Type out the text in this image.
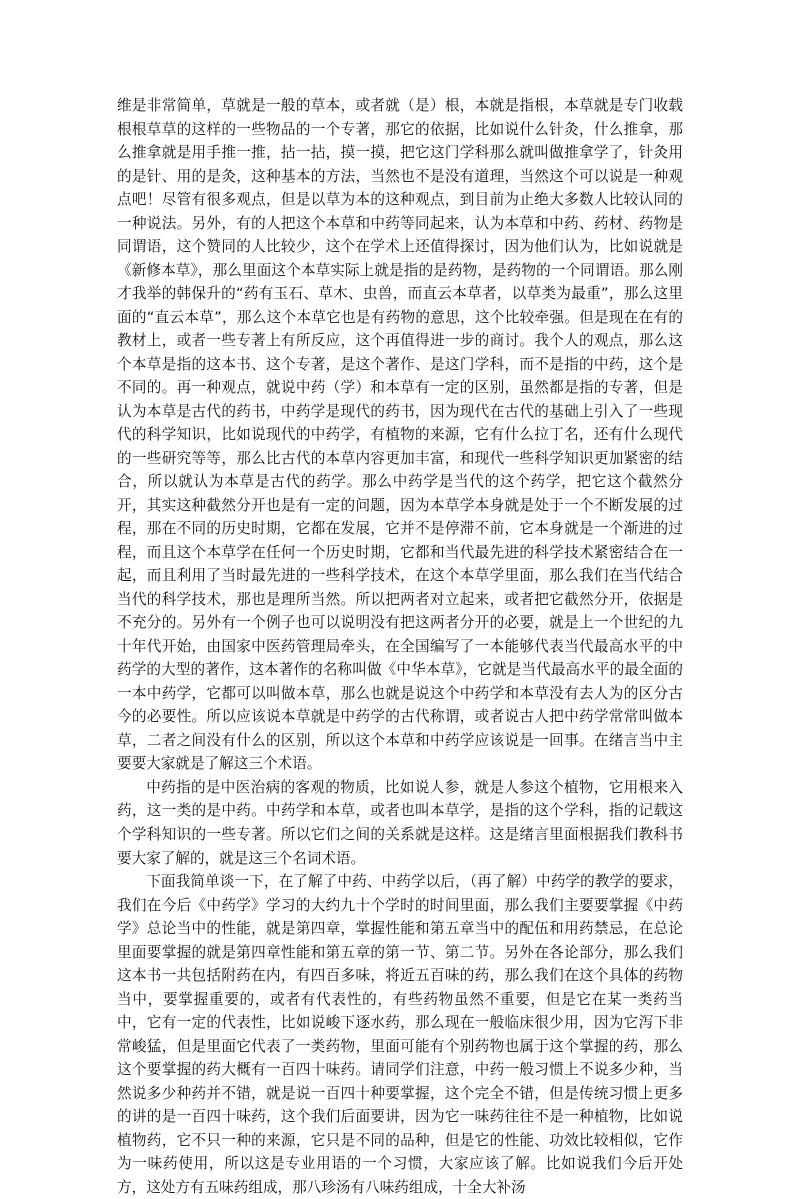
维是非常简单，草就是一般的草本，或者就（是）根，本就是指根，本草就是专门收载根根草草的这样的一些物品的一个专著，那它的依据，比如说什么针灸，什么推拿，那么推拿就是用手推一推，拈一拈，摸一摸，把它这门学科那么就叫做推拿学了，针灸用的是针、用的是灸，这种基本的方法，当然也不是没有道理，当然这个可以说是一种观点吧！尽管有很多观点，但是以草为本的这种观点，到目前为止绝大多数人比较认同的一种说法。另外，有的人把这个本草和中药等同起来，认为本草和中药、药材、药物是同谓语，这个赞同的人比较少，这个在学术上还值得探讨，因为他们认为，比如说就是《新修本草》，那么里面这个本草实际上就是指的是药物，是药物的一个同谓语。那么刚才我举的韩保升的“药有玉石、草木、虫兽，而直云本草者，以草类为最重”，那么这里面的“直云本草”，那么这个本草它也是有药物的意思，这个比较牵强。但是现在在有的教材上，或者一些专著上有所反应，这个再值得进一步的商讨。我个人的观点，那么这个本草是指的这本书、这个专著，是这个著作、是这门学科，而不是指的中药，这个是不同的。再一种观点，就说中药（学）和本草有一定的区别，虽然都是指的专著，但是认为本草是古代的药书，中药学是现代的药书，因为现代在古代的基础上引入了一些现代的科学知识，比如说现代的中药学，有植物的来源，它有什么拉丁名，还有什么现代的一些研究等等，那么比古代的本草内容更加丰富，和现代一些科学知识更加紧密的结合，所以就认为本草是古代的药学。那么中药学是当代的这个药学，把它这个截然分开，其实这种截然分开也是有一定的问题，因为本草学本身就是处于一个不断发展的过程，那在不同的历史时期，它都在发展，它并不是停滞不前，它本身就是一个渐进的过程，而且这个本草学在任何一个历史时期，它都和当代最先进的科学技术紧密结合在一起，而且利用了当时最先进的一些科学技术，在这个本草学里面，那么我们在当代结合当代的科学技术，那也是理所当然。所以把两者对立起来，或者把它截然分开，依据是不充分的。另外有一个例子也可以说明没有把这两者分开的必要，就是上一个世纪的九十年代开始，由国家中医药管理局牵头，在全国编写了一本能够代表当代最高水平的中药学的大型的著作，这本著作的名称叫做《中华本草》，它就是当代最高水平的最全面的一本中药学，它都可以叫做本草，那么也就是说这个中药学和本草没有去人为的区分古今的必要性。所以应该说本草就是中药学的古代称谓，或者说古人把中药学常常叫做本草，二者之间没有什么的区别，所以这个本草和中药学应该说是一回事。在绪言当中主要要大家就是了解这三个术语。

中药指的是中医治病的客观的物质，比如说人参，就是人参这个植物，它用根来入药，这一类的是中药。中药学和本草，或者也叫本草学，是指的这个学科，指的记载这个学科知识的一些专著。所以它们之间的关系就是这样。这是绪言里面根据我们教科书要大家了解的，就是这三个名词术语。

下面我简单谈一下，在了解了中药、中药学以后，（再了解）中药学的教学的要求，我们在今后《中药学》学习的大约九十个学时的时间里面，那么我们主要要掌握《中药学》总论当中的性能，就是第四章，掌握性能和第五章当中的配伍和用药禁忌，在总论里面要掌握的就是第四章性能和第五章的第一节、第二节。另外在各论部分，那么我们这本书一共包括附药在内，有四百多味，将近五百味的药，那么我们在这个具体的药物当中，要掌握重要的，或者有代表性的，有些药物虽然不重要，但是它在某一类药当中，它有一定的代表性，比如说峻下逐水药，那么现在一般临床很少用，因为它泻下非常峻猛，但是里面它代表了一类药物，里面可能有个别药物也属于这个掌握的药，那么这个要掌握的药大概有一百四十味药。请同学们注意，中药一般习惯上不说多少种，当然说多少种药并不错，就是说一百四十种要掌握，这个完全不错，但是传统习惯上更多的讲的是一百四十味药，这个我们后面要讲，因为它一味药往往不是一种植物，比如说植物药，它不只一种的来源，它只是不同的品种，但是它的性能、功效比较相似，它作为一味药使用，所以这是专业用语的一个习惯，大家应该了解。比如说我们今后开处方，这处方有五味药组成，那八珍汤有八味药组成，十全大补汤
